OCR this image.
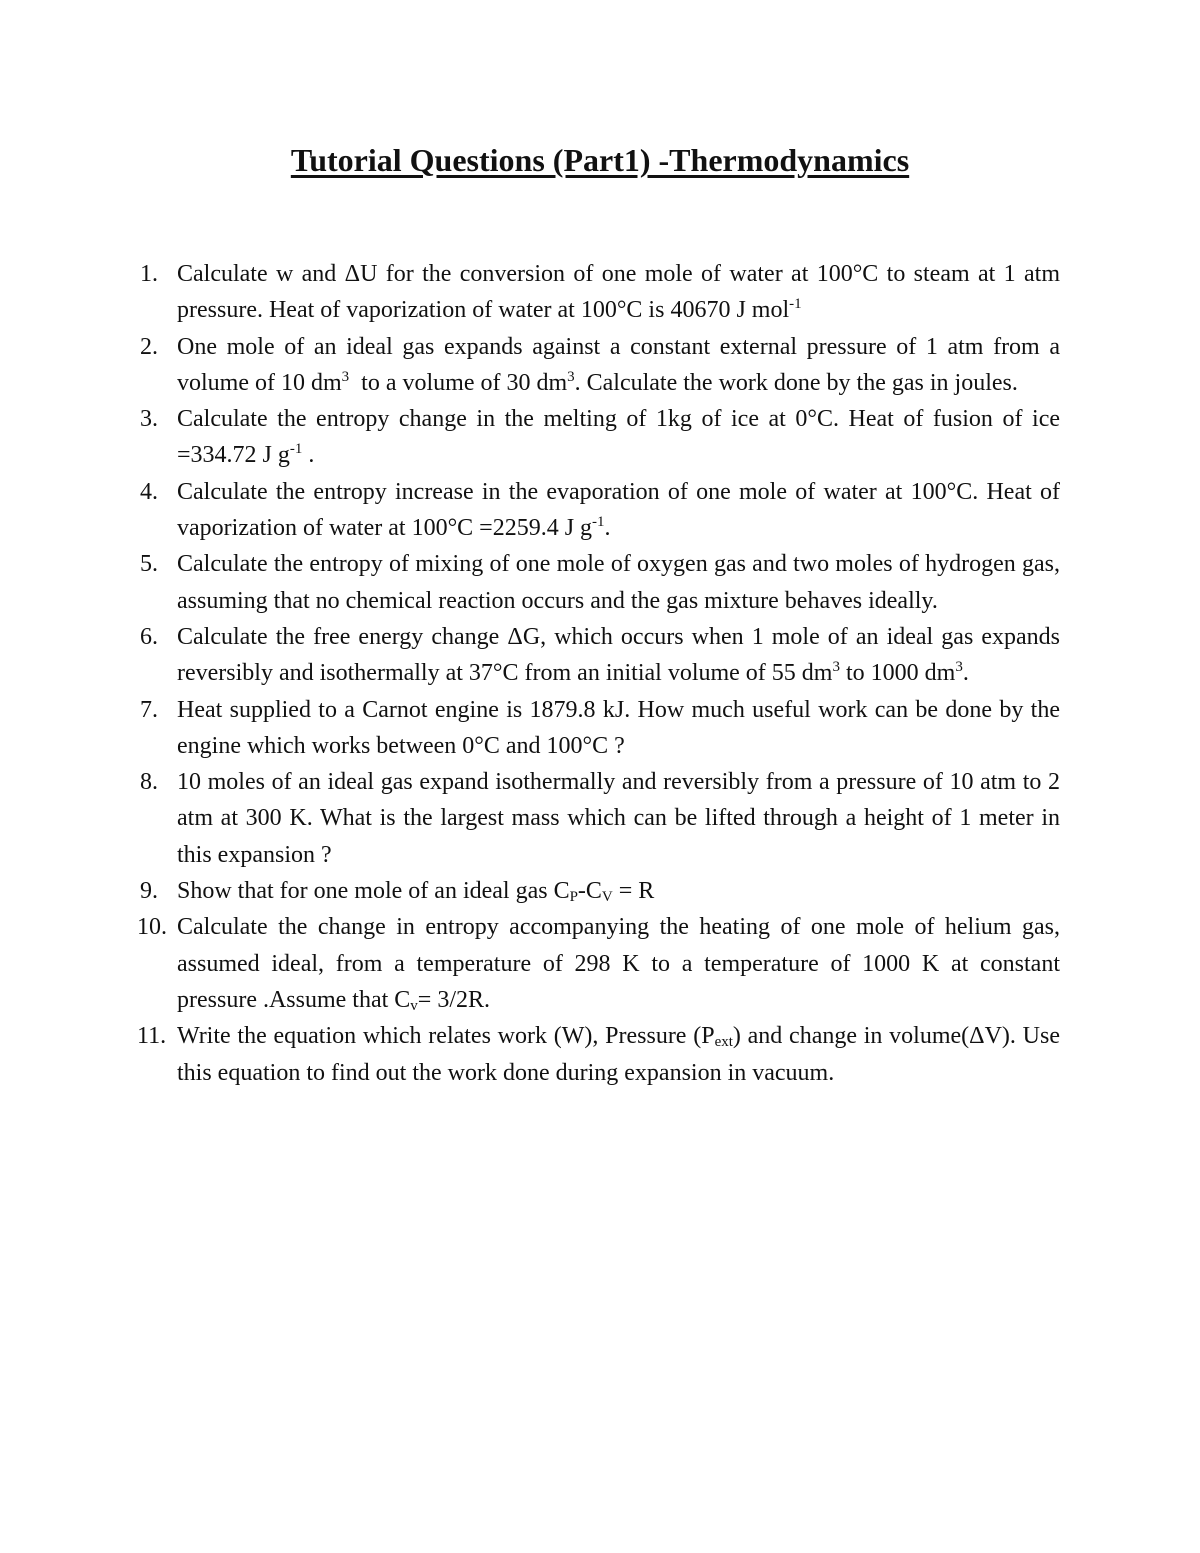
Tutorial Questions (Part1) -Thermodynamics
1. Calculate w and ΔU for the conversion of one mole of water at 100°C to steam at 1 atm pressure. Heat of vaporization of water at 100°C is 40670 J mol$^{-1}$
2. One mole of an ideal gas expands against a constant external pressure of 1 atm from a volume of 10 $dm^3$  to a volume of 30 $dm^3$. Calculate the work done by the gas in joules.
3. Calculate the entropy change in the melting of 1kg of ice at 0°C. Heat of fusion of ice =334.72 J $g^{-1}$ .
4. Calculate the entropy increase in the evaporation of one mole of water at 100°C. Heat of vaporization of water at 100°C =2259.4 J $g^{-1}$.
5. Calculate the entropy of mixing of one mole of oxygen gas and two moles of hydrogen gas, assuming that no chemical reaction occurs and the gas mixture behaves ideally.
6. Calculate the free energy change ΔG, which occurs when 1 mole of an ideal gas expands reversibly and isothermally at 37°C from an initial volume of 55 $dm^3$ to 1000 $dm^3$.
7. Heat supplied to a Carnot engine is 1879.8 kJ. How much useful work can be done by the engine which works between 0°C and 100°C ?
8. 10 moles of an ideal gas expand isothermally and reversibly from a pressure of 10 atm to 2 atm at 300 K. What is the largest mass which can be lifted through a height of 1 meter in this expansion ?
9. Show that for one mole of an ideal gas $C_P-C_V = R$
10. Calculate the change in entropy accompanying the heating of one mole of helium gas, assumed ideal, from a temperature of 298 K to a temperature of 1000 K at constant pressure .Assume that $C_v= 3/2R$.
11. Write the equation which relates work (W), Pressure $(P_{ext})$ and change in volume(ΔV). Use this equation to find out the work done during expansion in vacuum.
